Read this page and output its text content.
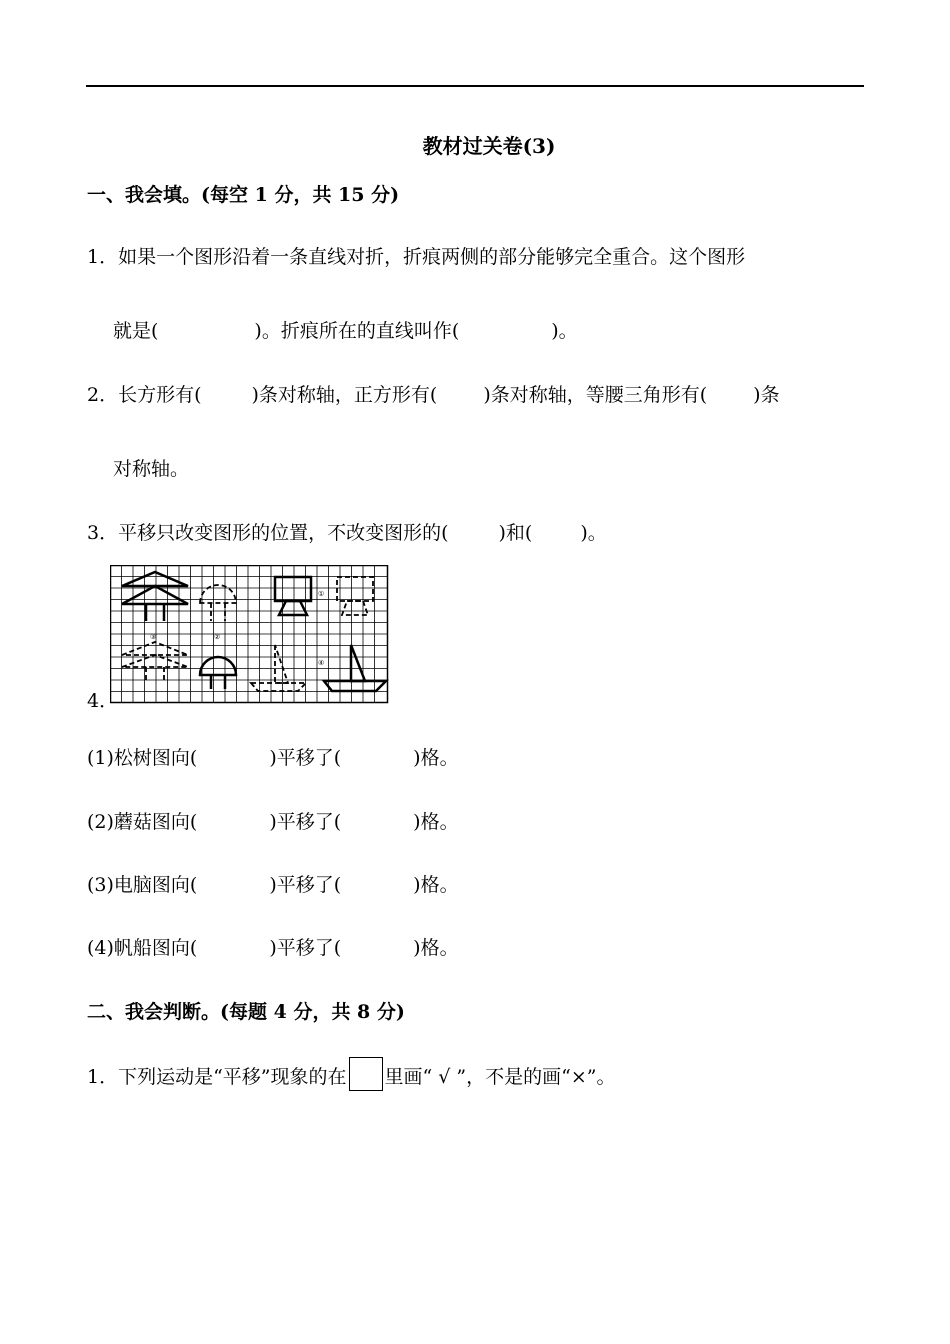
教材过关卷(3)
一、我会填。(每空 1 分，共 15 分)
1．如果一个图形沿着一条直线对折，折痕两侧的部分能够完全重合。这个图形
就是(	)。折痕所在的直线叫作(	)。
2．长方形有(	)条对称轴，正方形有( )条对称轴，等腰三角形有( )条
对称轴。
3．平移只改变图形的位置，不改变图形的(	)和(	)。
4．
③	②
①
④
(1)松树图向(	)平移了(	)格。
(2)蘑菇图向(	)平移了(	)格。
(3)电脑图向(	)平移了(	)格。
(4)帆船图向(	)平移了(	)格。
二、我会判断。(每题 4 分，共 8 分)
1．下列运动是“平移”现象的在 里画“ √ ”，不是的画“×”。
